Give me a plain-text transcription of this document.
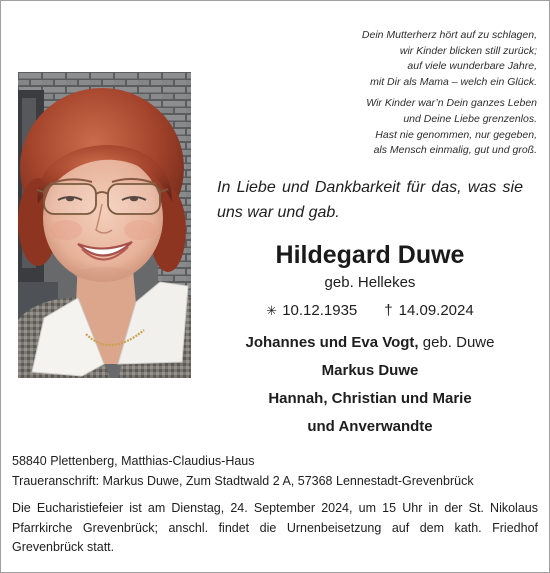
Dein Mutterherz hört auf zu schlagen,
wir Kinder blicken still zurück;
auf viele wunderbare Jahre,
mit Dir als Mama – welch ein Glück.
Wir Kinder war’n Dein ganzes Leben
und Deine Liebe grenzenlos.
Hast nie genommen, nur gegeben,
als Mensch einmalig, gut und groß.
In Liebe und Dankbarkeit für das, was sie
uns war und gab.
Hildegard Duwe
geb. Hellekes
✳ 10.12.1935 † 14.09.2024
Johannes und Eva Vogt, geb. Duwe
Markus Duwe
Hannah, Christian und Marie
und Anverwandte
58840 Plettenberg, Matthias-Claudius-Haus
Traueranschrift: Markus Duwe, Zum Stadtwald 2 A, 57368 Lennestadt-Grevenbrück
Die Eucharistiefeier ist am Dienstag, 24. September 2024, um 15 Uhr in der St. Nikolaus Pfarrkirche Grevenbrück; anschl. findet die Urnenbeisetzung auf dem kath. Friedhof Grevenbrück statt.
